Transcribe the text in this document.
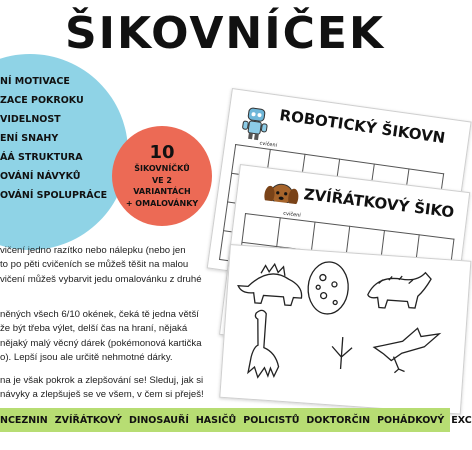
ŠIKOVNÍČEK
NÍ MOTIVACE
ZACE POKROKU
VIDELNOST
ENÍ SNAHY
ÁÁ STRUKTURA
OVÁNÍ NÁVYKŮ
OVÁNÍ SPOLUPRÁCE
10
ŠIKOVNÍČKŮ
VE 2
VARIANTÁCH
+ OMALOVÁNKY
ROBOTICKÝ ŠIKOVN
cvičení

ZVÍŘÁTKOVÝ ŠIKO
cvičení

vičení jedno razítko nebo nálepku (nebo jen
to po pěti cvičeních se můžeš těšit na malou
vičení můžeš vybarvit jedu omalovánku z druhé
něných všech 6/10 okének, čeká tě jedna větší
že být třeba výlet, delší čas na hraní, nějaká
nějaký malý věcný dárek (pokémonová kartička
o). Lepší jsou ale určitě nehmotné dárky.
na je však pokrok a zlepšování se! Sleduj, jak si
návyky a zlepšuješ se ve všem, v čem si přeješ!
NCEZNIN ZVÍŘÁTKOVÝ DINOSAUŘÍ HASIČŮ POLICISTŮ DOKTORČIN POHÁDKOVÝ EXC
